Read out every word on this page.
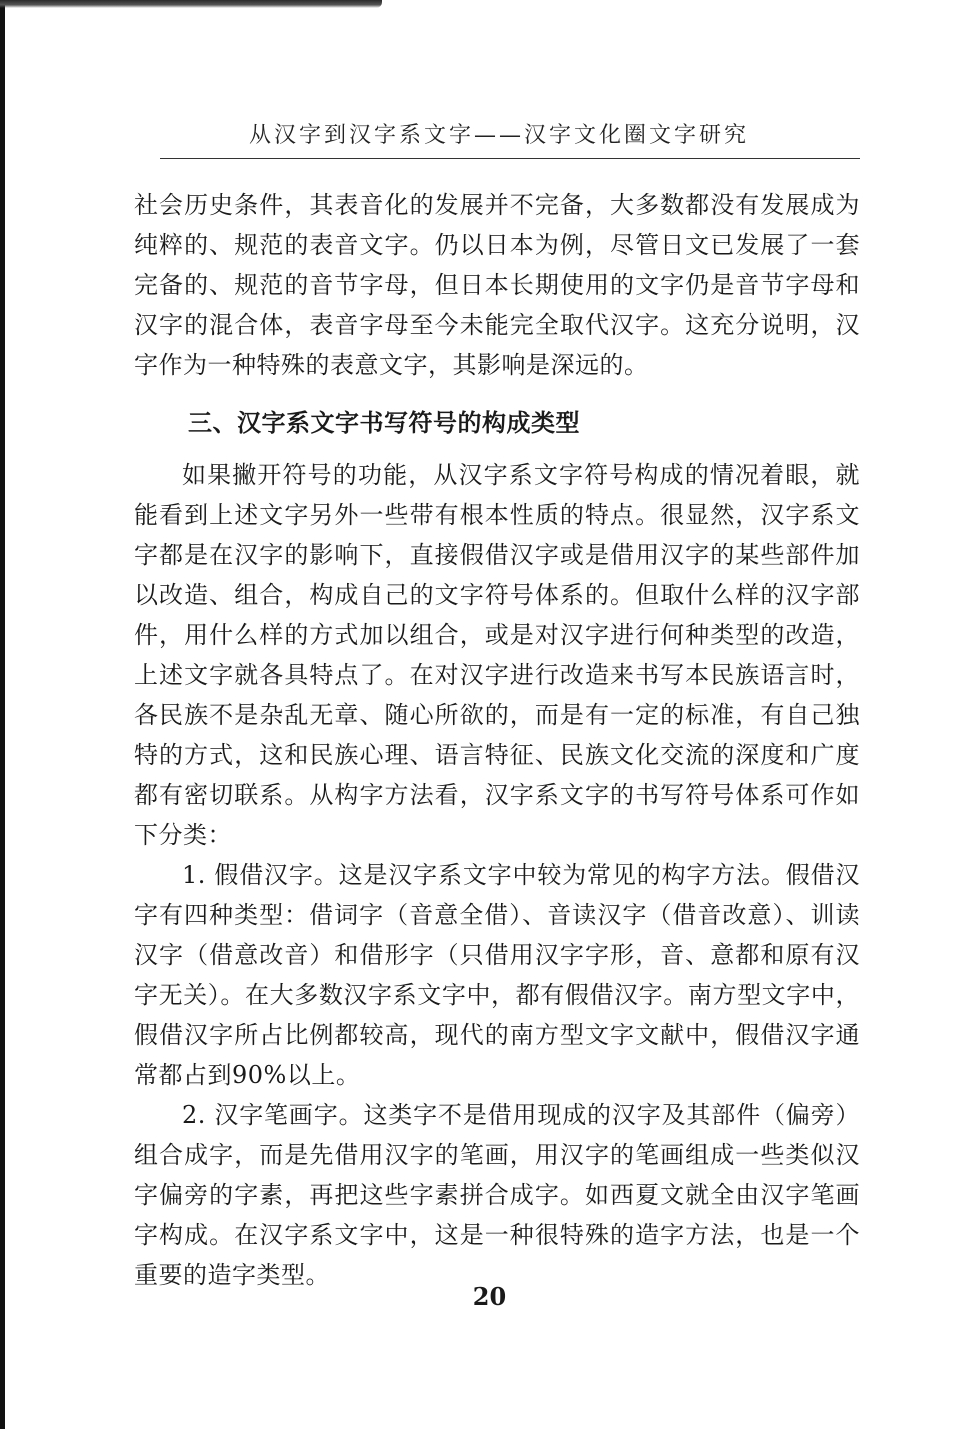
从汉字到汉字系文字——汉字文化圈文字研究

社会历史条件，其表音化的发展并不完备，大多数都没有发展成为纯粹的、规范的表音文字。仍以日本为例，尽管日文已发展了一套完备的、规范的音节字母，但日本长期使用的文字仍是音节字母和汉字的混合体，表音字母至今未能完全取代汉字。这充分说明，汉字作为一种特殊的表意文字，其影响是深远的。

三、汉字系文字书写符号的构成类型

如果撇开符号的功能，从汉字系文字符号构成的情况着眼，就能看到上述文字另外一些带有根本性质的特点。很显然，汉字系文字都是在汉字的影响下，直接假借汉字或是借用汉字的某些部件加以改造、组合，构成自己的文字符号体系的。但取什么样的汉字部件，用什么样的方式加以组合，或是对汉字进行何种类型的改造，上述文字就各具特点了。在对汉字进行改造来书写本民族语言时，各民族不是杂乱无章、随心所欲的，而是有一定的标准，有自己独特的方式，这和民族心理、语言特征、民族文化交流的深度和广度都有密切联系。从构字方法看，汉字系文字的书写符号体系可作如下分类：

1. 假借汉字。这是汉字系文字中较为常见的构字方法。假借汉字有四种类型：借词字（音意全借）、音读汉字（借音改意）、训读汉字（借意改音）和借形字（只借用汉字字形，音、意都和原有汉字无关）。在大多数汉字系文字中，都有假借汉字。南方型文字中，假借汉字所占比例都较高，现代的南方型文字文献中，假借汉字通常都占到90%以上。

2. 汉字笔画字。这类字不是借用现成的汉字及其部件（偏旁）组合成字，而是先借用汉字的笔画，用汉字的笔画组成一些类似汉字偏旁的字素，再把这些字素拼合成字。如西夏文就全由汉字笔画字构成。在汉字系文字中，这是一种很特殊的造字方法，也是一个重要的造字类型。

20
